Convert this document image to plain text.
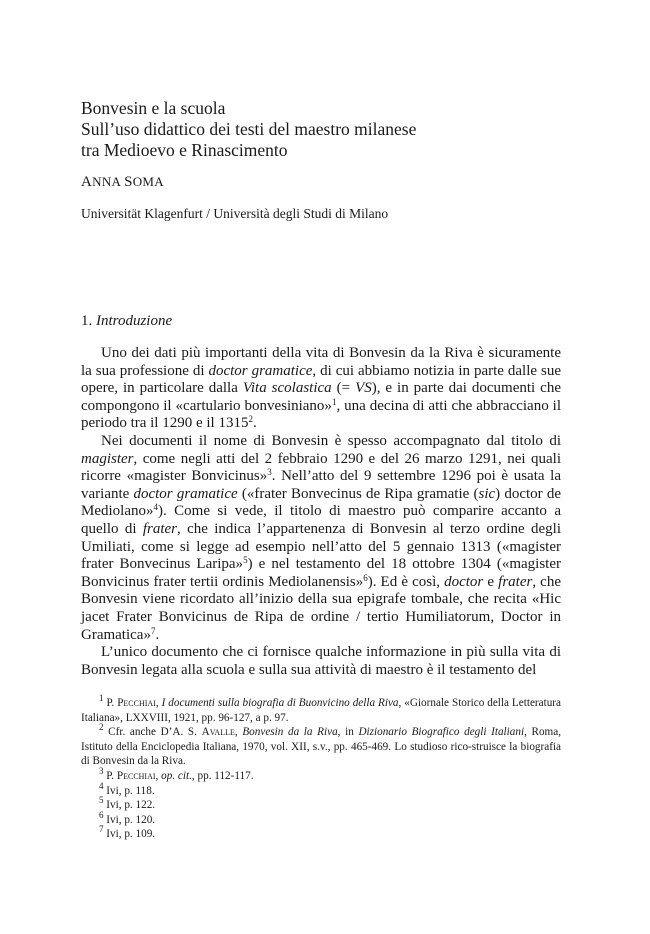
Bonvesin e la scuola
Sull’uso didattico dei testi del maestro milanese
tra Medioevo e Rinascimento
ANNA SOMA
Universität Klagenfurt / Università degli Studi di Milano
1. Introduzione

Uno dei dati più importanti della vita di Bonvesin da la Riva è sicuramente la sua professione di doctor gramatice, di cui abbiamo notizia in parte dalle sue opere, in particolare dalla Vita scolastica (= VS), e in parte dai documenti che compongono il «cartulario bonvesiniano»$^1$, una decina di atti che abbracciano il periodo tra il 1290 e il 1315$^2$.

Nei documenti il nome di Bonvesin è spesso accompagnato dal titolo di magister, come negli atti del 2 febbraio 1290 e del 26 marzo 1291, nei quali ricorre «magister Bonvicinus»$^3$. Nell’atto del 9 settembre 1296 poi è usata la variante doctor gramatice («frater Bonvecinus de Ripa gramatie (sic) doctor de Mediolano»$^4$). Come si vede, il titolo di maestro può comparire accanto a quello di frater, che indica l’appartenenza di Bonvesin al terzo ordine degli Umiliati, come si legge ad esempio nell’atto del 5 gennaio 1313 («magister frater Bonvecinus Laripa»$^5$) e nel testamento del 18 ottobre 1304 («magister Bonvicinus frater tertii ordinis Mediolanensis»$^6$). Ed è così, doctor e frater, che Bonvesin viene ricordato all’inizio della sua epigrafe tombale, che recita «Hic jacet Frater Bonvicinus de Ripa de ordine / tertio Humiliatorum, Doctor in Gramatica»$^7$.

L’unico documento che ci fornisce qualche informazione in più sulla vita di Bonvesin legata alla scuola e sulla sua attività di maestro è il testamento del

$^1$ P. Pecchiai, I documenti sulla biografia di Buonvicino della Riva, «Giornale Storico della Letteratura Italiana», LXXVIII, 1921, pp. 96-127, a p. 97.
$^2$ Cfr. anche D’A. S. Avalle, Bonvesin da la Riva, in Dizionario Biografico degli Italiani, Roma, Istituto della Enciclopedia Italiana, 1970, vol. XII, s.v., pp. 465-469. Lo studioso rico-struisce la biografia di Bonvesin da la Riva.
$^3$ P. Pecchiai, op. cit., pp. 112-117.
$^4$ Ivi, p. 118.
$^5$ Ivi, p. 122.
$^6$ Ivi, p. 120.
$^7$ Ivi, p. 109.
